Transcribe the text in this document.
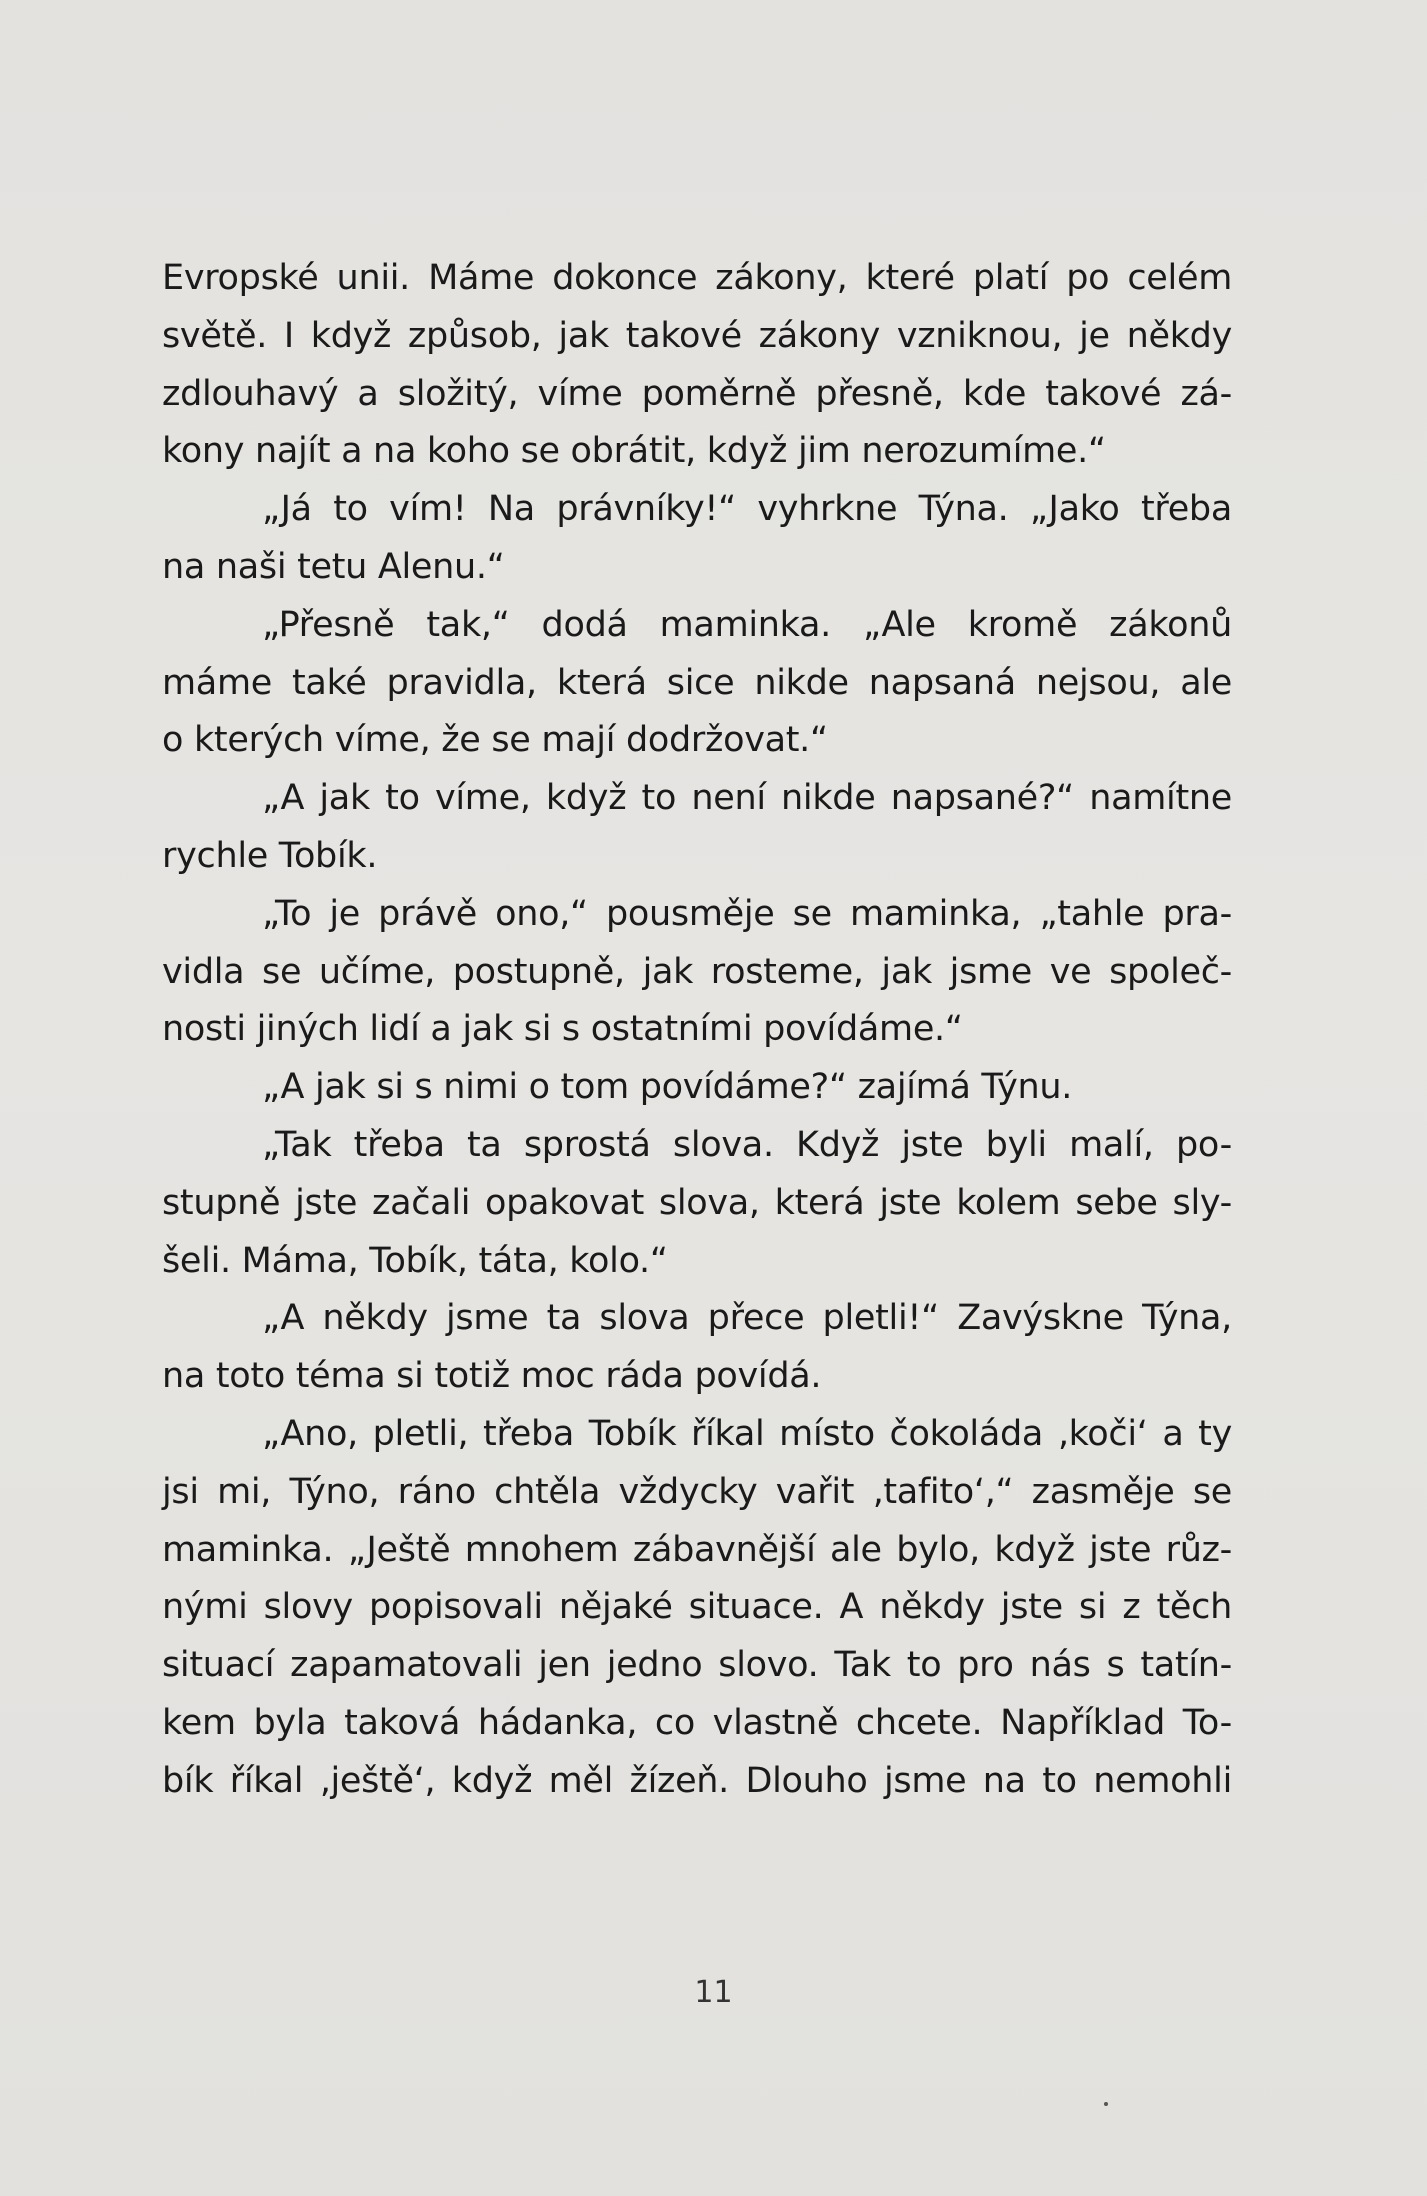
Evropské unii. Máme dokonce zákony, které platí po celém
světě. I když způsob, jak takové zákony vzniknou, je někdy
zdlouhavý a složitý, víme poměrně přesně, kde takové zá-
kony najít a na koho se obrátit, když jim nerozumíme.“
„Já to vím! Na právníky!“ vyhrkne Týna. „Jako třeba
na naši tetu Alenu.“
„Přesně tak,“ dodá maminka. „Ale kromě zákonů
máme také pravidla, která sice nikde napsaná nejsou, ale
o kterých víme, že se mají dodržovat.“
„A jak to víme, když to není nikde napsané?“ namítne
rychle Tobík.
„To je právě ono,“ pousměje se maminka, „tahle pra-
vidla se učíme, postupně, jak rosteme, jak jsme ve společ-
nosti jiných lidí a jak si s ostatními povídáme.“
„A jak si s nimi o tom povídáme?“ zajímá Týnu.
„Tak třeba ta sprostá slova. Když jste byli malí, po-
stupně jste začali opakovat slova, která jste kolem sebe sly-
šeli. Máma, Tobík, táta, kolo.“
„A někdy jsme ta slova přece pletli!“ Zavýskne Týna,
na toto téma si totiž moc ráda povídá.
„Ano, pletli, třeba Tobík říkal místo čokoláda ‚koči‘ a ty
jsi mi, Týno, ráno chtěla vždycky vařit ‚tafito‘,“ zasměje se
maminka. „Ještě mnohem zábavnější ale bylo, když jste růz-
nými slovy popisovali nějaké situace. A někdy jste si z těch
situací zapamatovali jen jedno slovo. Tak to pro nás s tatín-
kem byla taková hádanka, co vlastně chcete. Například To-
bík říkal ‚ještě‘, když měl žízeň. Dlouho jsme na to nemohli
11
